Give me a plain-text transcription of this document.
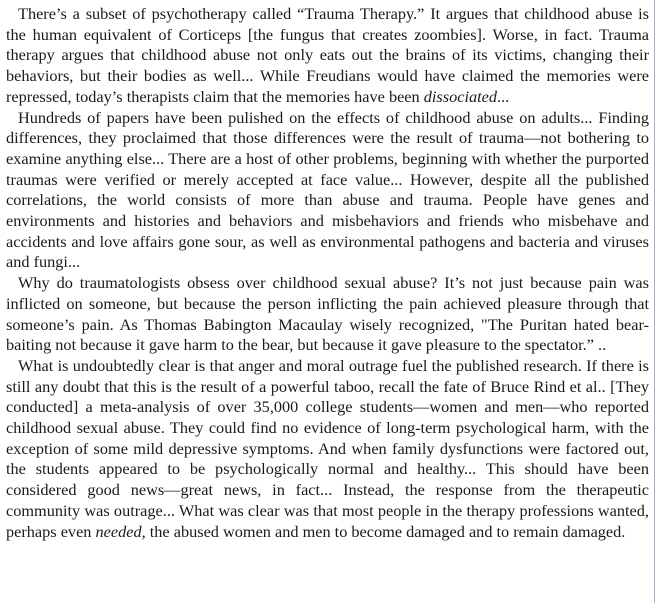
There’s a subset of psychotherapy called “Trauma Therapy.” It argues that childhood abuse is the human equivalent of Corticeps [the fungus that creates zoombies]. Worse, in fact. Trauma therapy argues that childhood abuse not only eats out the brains of its victims, changing their behaviors, but their bodies as well... While Freudians would have claimed the memories were repressed, today’s therapists claim that the memories have been dissociated...

Hundreds of papers have been pulished on the effects of childhood abuse on adults... Finding differences, they proclaimed that those differences were the result of trauma—not bothering to examine anything else... There are a host of other problems, beginning with whether the purported traumas were verified or merely accepted at face value... However, despite all the published correlations, the world consists of more than abuse and trauma. People have genes and environments and histories and behaviors and misbehaviors and friends who misbehave and accidents and love affairs gone sour, as well as environmental pathogens and bacteria and viruses and fungi...

Why do traumatologists obsess over childhood sexual abuse? It’s not just because pain was inflicted on someone, but because the person inflicting the pain achieved pleasure through that someone’s pain. As Thomas Babington Macaulay wisely recognized, "The Puritan hated bear-baiting not because it gave harm to the bear, but because it gave pleasure to the spectator.” ..

What is undoubtedly clear is that anger and moral outrage fuel the published research. If there is still any doubt that this is the result of a powerful taboo, recall the fate of Bruce Rind et al.. [They conducted] a meta-analysis of over 35,000 college students—women and men—who reported childhood sexual abuse. They could find no evidence of long-term psychological harm, with the exception of some mild depressive symptoms. And when family dysfunctions were factored out, the students appeared to be psychologically normal and healthy... This should have been considered good news—great news, in fact... Instead, the response from the therapeutic community was outrage... What was clear was that most people in the therapy professions wanted, perhaps even needed, the abused women and men to become damaged and to remain damaged.
